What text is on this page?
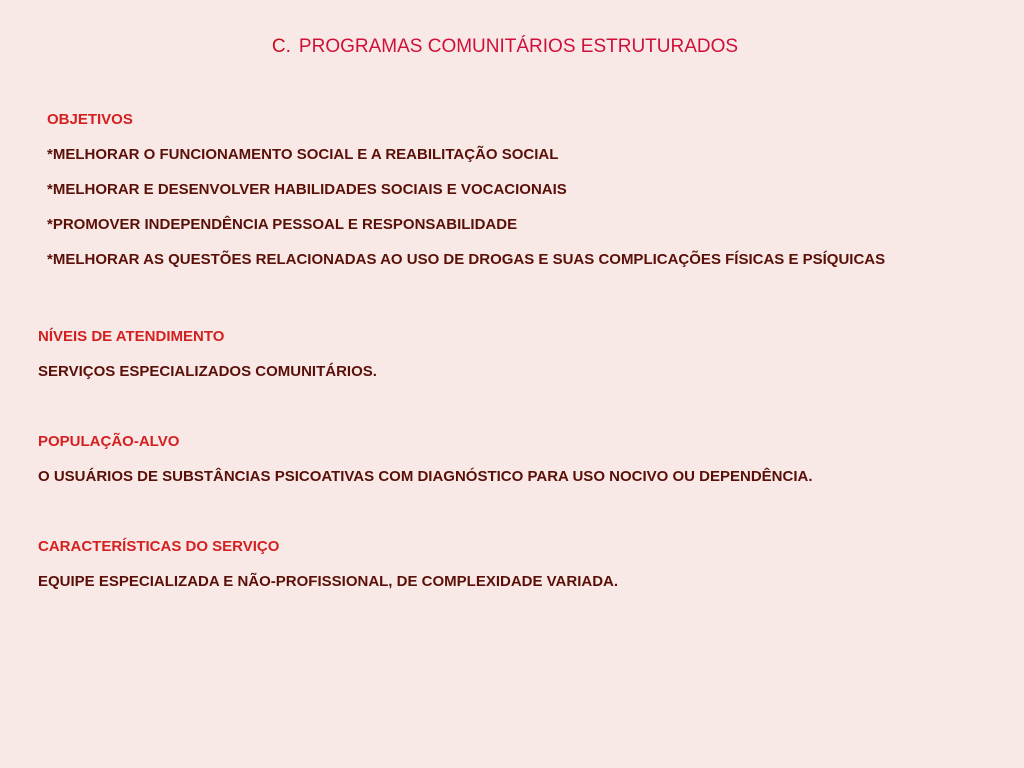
C. PROGRAMAS COMUNITÁRIOS ESTRUTURADOS
OBJETIVOS
*MELHORAR O FUNCIONAMENTO SOCIAL E A REABILITAÇÃO SOCIAL
*MELHORAR E DESENVOLVER HABILIDADES SOCIAIS E VOCACIONAIS
*PROMOVER INDEPENDÊNCIA PESSOAL E RESPONSABILIDADE
*MELHORAR AS QUESTÕES RELACIONADAS AO USO DE DROGAS E SUAS COMPLICAÇÕES FÍSICAS E PSÍQUICAS
NÍVEIS DE ATENDIMENTO
SERVIÇOS ESPECIALIZADOS COMUNITÁRIOS.
POPULAÇÃO-ALVO
O USUÁRIOS DE SUBSTÂNCIAS PSICOATIVAS COM DIAGNÓSTICO PARA USO NOCIVO OU DEPENDÊNCIA.
CARACTERÍSTICAS DO SERVIÇO
EQUIPE ESPECIALIZADA E NÃO-PROFISSIONAL, DE COMPLEXIDADE VARIADA.
